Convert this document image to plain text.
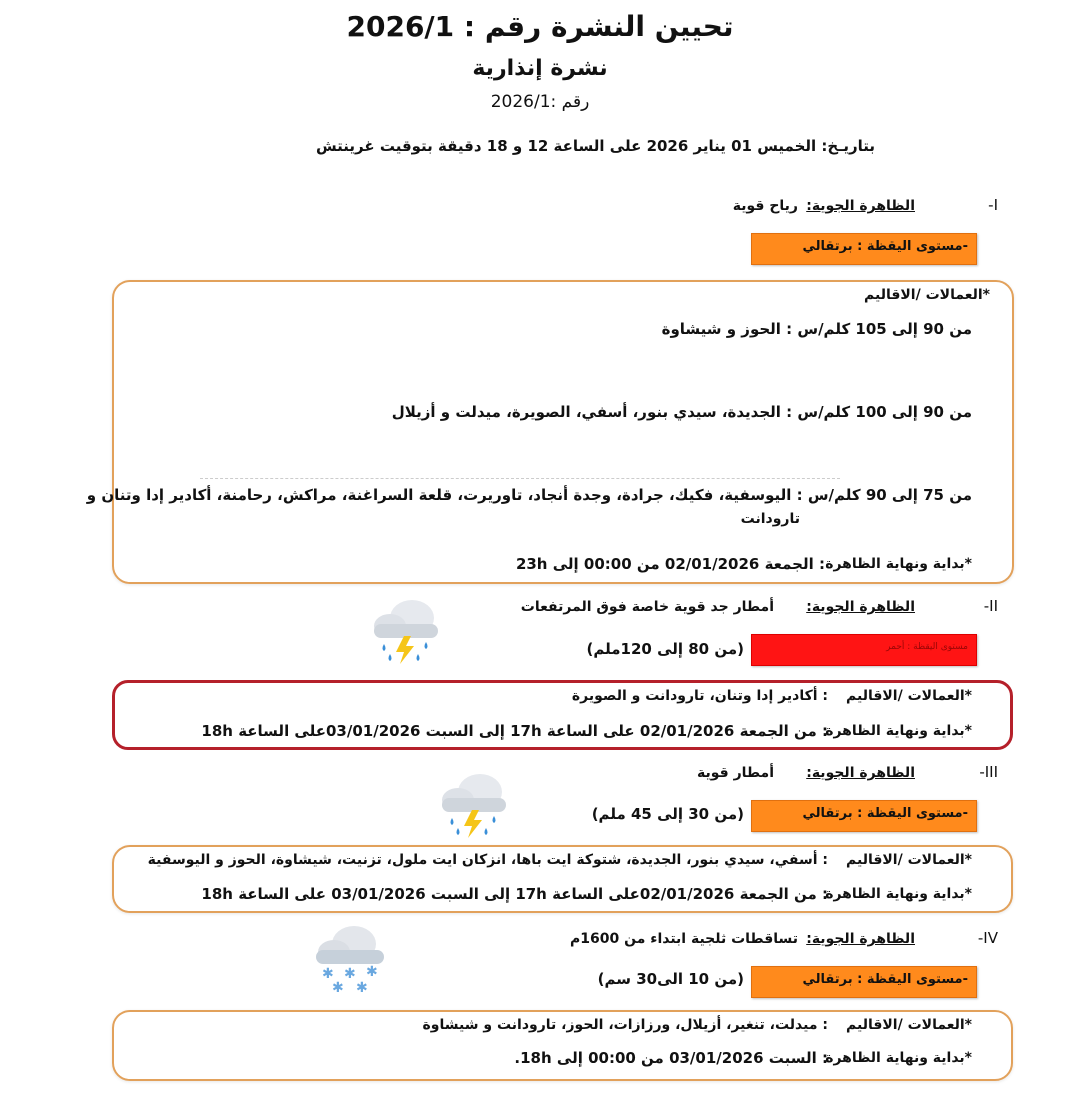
تحيين النشرة رقم : 2026/1
نشرة إنذارية
رقم :2026/1
بتاريـخ: الخميس 01 يناير 2026 على الساعة 12 و 18 دقيقة بتوقيت غرينتش
-I
الظاهرة الجوية:
رياح قوية
-مستوى اليقظة : برتقالي
*العمالات /الاقاليم
من 90 إلى 105 كلم/س : الحوز و شيشاوة
من 90 إلى 100 كلم/س : الجديدة، سيدي بنور، أسفي، الصويرة، ميدلت و أزيلال
من 75 إلى 90 كلم/س : اليوسفية، فكيك، جرادة، وجدة أنجاد، تاوريرت، قلعة السراغنة، مراكش، رحامنة، أكادير إدا وتنان و
تارودانت
*بداية ونهاية الظاهرة
: الجمعة 02/01/2026 من 00:00 إلى 23h
-II
الظاهرة الجوية:
أمطار جد قوية خاصة فوق المرتفعات
مستوى اليقظة : أحمر
(من 80 إلى 120ملم)
*العمالات /الاقاليم
: أكادير إدا وتنان، تارودانت و الصويرة
*بداية ونهاية الظاهرة
: من الجمعة 02/01/2026 على الساعة 17h إلى السبت 03/01/2026على الساعة 18h
-III
الظاهرة الجوية:
أمطار قوية
-مستوى اليقظة : برتقالي
(من 30 إلى 45 ملم)
*العمالات /الاقاليم
: أسفي، سيدي بنور، الجديدة، شتوكة ايت باها، انزكان ايت ملول، تزنيت، شيشاوة، الحوز و اليوسفية
*بداية ونهاية الظاهرة
: من الجمعة 02/01/2026على الساعة 17h إلى السبت 03/01/2026 على الساعة 18h
-IV
الظاهرة الجوية:
تساقطات ثلجية ابتداء من 1600م
-مستوى اليقظة : برتقالي
(من 10 الى30 سم)
✱ ✱ ✱
✱ ✱
*العمالات /الاقاليم
: ميدلت، تنغير، أزيلال، ورزازات، الحوز، تارودانت و شيشاوة
*بداية ونهاية الظاهرة
: السبت 03/01/2026 من 00:00 إلى 18h.
